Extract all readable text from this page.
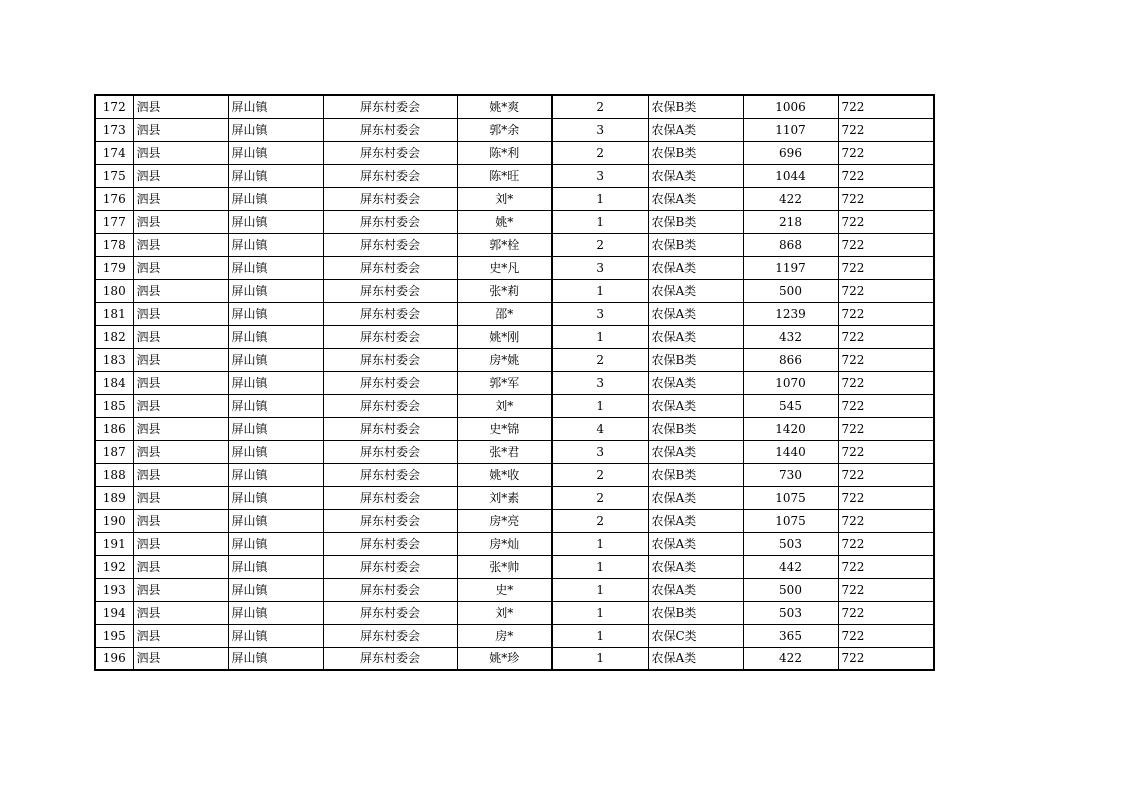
172	泗县	屏山镇	屏东村委会	姚*爽	2	农保B类	1006	722
173	泗县	屏山镇	屏东村委会	郭*余	3	农保A类	1107	722
174	泗县	屏山镇	屏东村委会	陈*利	2	农保B类	696	722
175	泗县	屏山镇	屏东村委会	陈*旺	3	农保A类	1044	722
176	泗县	屏山镇	屏东村委会	刘*	1	农保A类	422	722
177	泗县	屏山镇	屏东村委会	姚*	1	农保B类	218	722
178	泗县	屏山镇	屏东村委会	郭*栓	2	农保B类	868	722
179	泗县	屏山镇	屏东村委会	史*凡	3	农保A类	1197	722
180	泗县	屏山镇	屏东村委会	张*莉	1	农保A类	500	722
181	泗县	屏山镇	屏东村委会	邵*	3	农保A类	1239	722
182	泗县	屏山镇	屏东村委会	姚*刚	1	农保A类	432	722
183	泗县	屏山镇	屏东村委会	房*姚	2	农保B类	866	722
184	泗县	屏山镇	屏东村委会	郭*军	3	农保A类	1070	722
185	泗县	屏山镇	屏东村委会	刘*	1	农保A类	545	722
186	泗县	屏山镇	屏东村委会	史*锦	4	农保B类	1420	722
187	泗县	屏山镇	屏东村委会	张*君	3	农保A类	1440	722
188	泗县	屏山镇	屏东村委会	姚*收	2	农保B类	730	722
189	泗县	屏山镇	屏东村委会	刘*素	2	农保A类	1075	722
190	泗县	屏山镇	屏东村委会	房*亮	2	农保A类	1075	722
191	泗县	屏山镇	屏东村委会	房*灿	1	农保A类	503	722
192	泗县	屏山镇	屏东村委会	张*帅	1	农保A类	442	722
193	泗县	屏山镇	屏东村委会	史*	1	农保A类	500	722
194	泗县	屏山镇	屏东村委会	刘*	1	农保B类	503	722
195	泗县	屏山镇	屏东村委会	房*	1	农保C类	365	722
196	泗县	屏山镇	屏东村委会	姚*珍	1	农保A类	422	722
